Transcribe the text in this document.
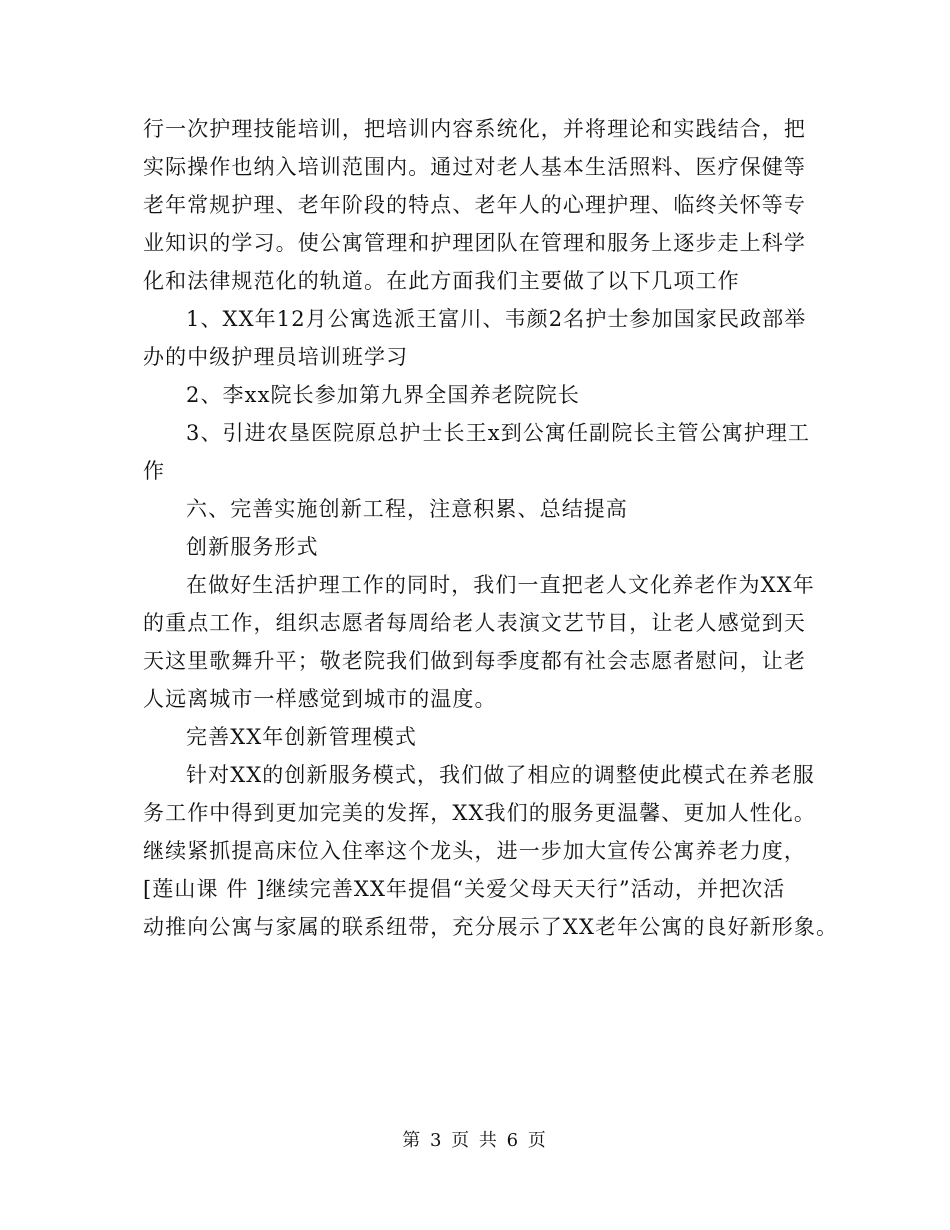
行一次护理技能培训，把培训内容系统化，并将理论和实践结合，把
实际操作也纳入培训范围内。通过对老人基本生活照料、医疗保健等
老年常规护理、老年阶段的特点、老年人的心理护理、临终关怀等专
业知识的学习。使公寓管理和护理团队在管理和服务上逐步走上科学
化和法律规范化的轨道。在此方面我们主要做了以下几项工作
1、XX年12月公寓选派王富川、韦颜2名护士参加国家民政部举
办的中级护理员培训班学习
2、李xx院长参加第九界全国养老院院长
3、引进农垦医院原总护士长王x到公寓任副院长主管公寓护理工
作
六、完善实施创新工程，注意积累、总结提高
创新服务形式
在做好生活护理工作的同时，我们一直把老人文化养老作为XX年
的重点工作，组织志愿者每周给老人表演文艺节目，让老人感觉到天
天这里歌舞升平；敬老院我们做到每季度都有社会志愿者慰问，让老
人远离城市一样感觉到城市的温度。
完善XX年创新管理模式
针对XX的创新服务模式，我们做了相应的调整使此模式在养老服
务工作中得到更加完美的发挥，XX我们的服务更温馨、更加人性化。
继续紧抓提高床位入住率这个龙头，进一步加大宣传公寓养老力度，
[莲山课 件 ]继续完善XX年提倡“关爱父母天天行”活动，并把次活
动推向公寓与家属的联系纽带，充分展示了XX老年公寓的良好新形象。
第 3 页 共 6 页
